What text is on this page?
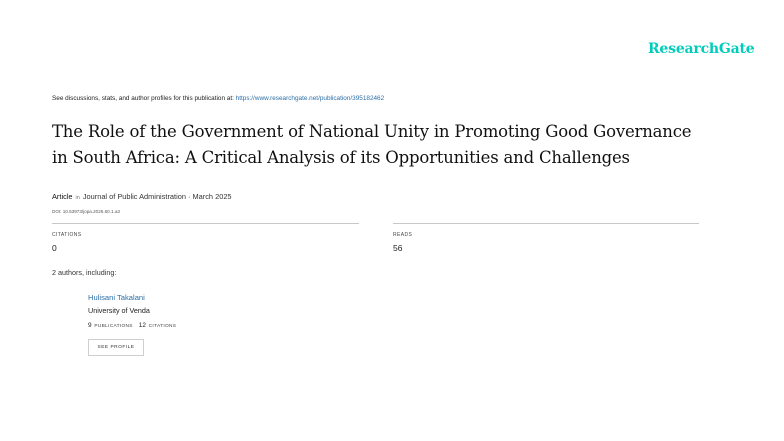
ResearchGate
See discussions, stats, and author profiles for this publication at: https://www.researchgate.net/publication/395182462
The Role of the Government of National Unity in Promoting Good Governance
in South Africa: A Critical Analysis of its Opportunities and Challenges
Article in Journal of Public Administration · March 2025
DOI: 10.53973/jopa.2025.60.1.a3
CITATIONS
0
READS
56
2 authors, including:
Hulisani Takalani
University of Venda
9 PUBLICATIONS 12 CITATIONS
SEE PROFILE
